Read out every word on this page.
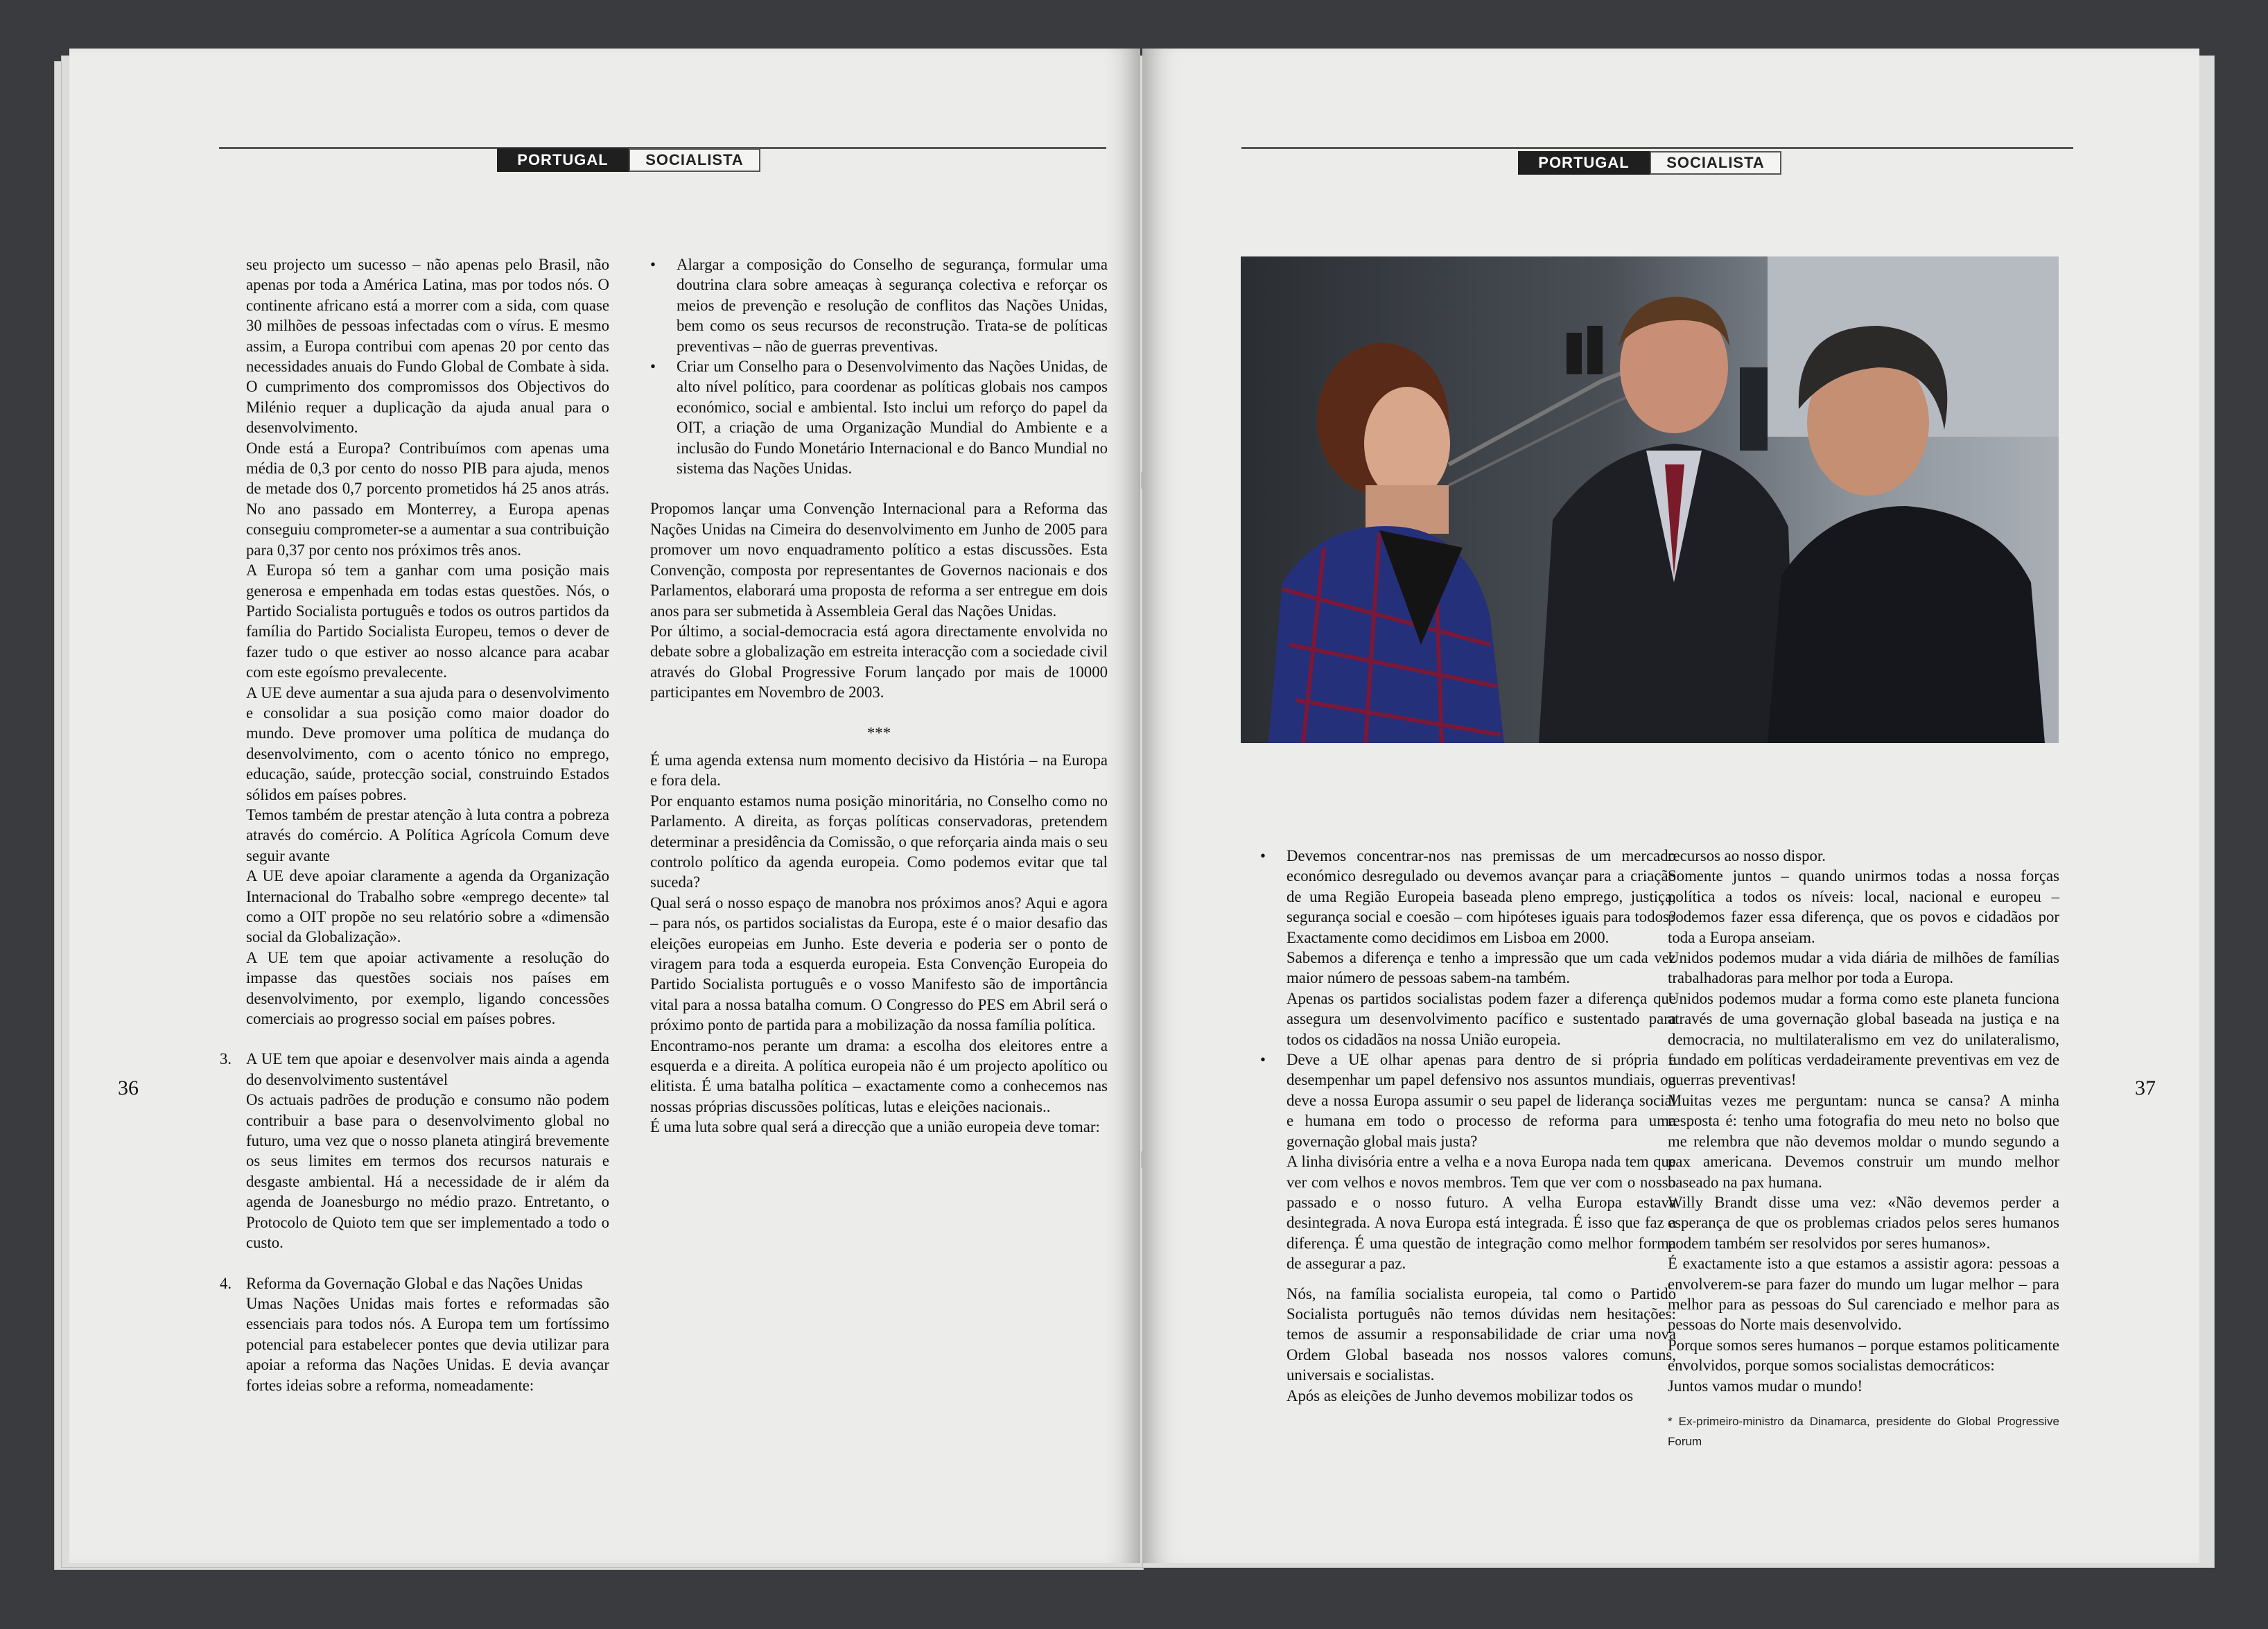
PORTUGAL	SOCIALISTA

seu projecto um sucesso – não apenas pelo Brasil, não apenas por toda a América Latina, mas por todos nós. O continente africano está a morrer com a sida, com quase 30 milhões de pessoas infectadas com o vírus. E mesmo assim, a Europa contribui com apenas 20 por cento das necessidades anuais do Fundo Global de Combate à sida. O cumprimento dos compromissos dos Objectivos do Milénio requer a duplicação da ajuda anual para o desenvolvimento.

Onde está a Europa? Contribuímos com apenas uma média de 0,3 por cento do nosso PIB para ajuda, menos de metade dos 0,7 porcento prometidos há 25 anos atrás. No ano passado em Monterrey, a Europa apenas conseguiu comprometer-se a aumentar a sua contribuição para 0,37 por cento nos próximos três anos.

A Europa só tem a ganhar com uma posição mais generosa e empenhada em todas estas questões. Nós, o Partido Socialista português e todos os outros partidos da família do Partido Socialista Europeu, temos o dever de fazer tudo o que estiver ao nosso alcance para acabar com este egoísmo prevalecente.

A UE deve aumentar a sua ajuda para o desenvolvimento e consolidar a sua posição como maior doador do mundo. Deve promover uma política de mudança do desenvolvimento, com o acento tónico no emprego, educação, saúde, protecção social, construindo Estados sólidos em países pobres.

Temos também de prestar atenção à luta contra a pobreza através do comércio. A Política Agrícola Comum deve seguir avante

A UE deve apoiar claramente a agenda da Organização Internacional do Trabalho sobre «emprego decente» tal como a OIT propõe no seu relatório sobre a «dimensão social da Globalização».

A UE tem que apoiar activamente a resolução do impasse das questões sociais nos países em desenvolvimento, por exemplo, ligando concessões comerciais ao progresso social em países pobres.

3. A UE tem que apoiar e desenvolver mais ainda a agenda do desenvolvimento sustentável

Os actuais padrões de produção e consumo não podem contribuir a base para o desenvolvimento global no futuro, uma vez que o nosso planeta atingirá brevemente os seus limites em termos dos recursos naturais e desgaste ambiental. Há a necessidade de ir além da agenda de Joanesburgo no médio prazo. Entretanto, o Protocolo de Quioto tem que ser implementado a todo o custo.

4. Reforma da Governação Global e das Nações Unidas

Umas Nações Unidas mais fortes e reformadas são essenciais para todos nós. A Europa tem um fortíssimo potencial para estabelecer pontes que devia utilizar para apoiar a reforma das Nações Unidas. E devia avançar fortes ideias sobre a reforma, nomeadamente:

• Alargar a composição do Conselho de segurança, formular uma doutrina clara sobre ameaças à segurança colectiva e reforçar os meios de prevenção e resolução de conflitos das Nações Unidas, bem como os seus recursos de reconstrução. Trata-se de políticas preventivas – não de guerras preventivas.

• Criar um Conselho para o Desenvolvimento das Nações Unidas, de alto nível político, para coordenar as políticas globais nos campos económico, social e ambiental. Isto inclui um reforço do papel da OIT, a criação de uma Organização Mundial do Ambiente e a inclusão do Fundo Monetário Internacional e do Banco Mundial no sistema das Nações Unidas.

Propomos lançar uma Convenção Internacional para a Reforma das Nações Unidas na Cimeira do desenvolvimento em Junho de 2005 para promover um novo enquadramento político a estas discussões. Esta Convenção, composta por representantes de Governos nacionais e dos Parlamentos, elaborará uma proposta de reforma a ser entregue em dois anos para ser submetida à Assembleia Geral das Nações Unidas.

Por último, a social-democracia está agora directamente envolvida no debate sobre a globalização em estreita interacção com a sociedade civil através do Global Progressive Forum lançado por mais de 10000 participantes em Novembro de 2003.

***

É uma agenda extensa num momento decisivo da História – na Europa e fora dela.

Por enquanto estamos numa posição minoritária, no Conselho como no Parlamento. A direita, as forças políticas conservadoras, pretendem determinar a presidência da Comissão, o que reforçaria ainda mais o seu controlo político da agenda europeia. Como podemos evitar que tal suceda?

Qual será o nosso espaço de manobra nos próximos anos? Aqui e agora – para nós, os partidos socialistas da Europa, este é o maior desafio das eleições europeias em Junho. Este deveria e poderia ser o ponto de viragem para toda a esquerda europeia. Esta Convenção Europeia do Partido Socialista português e o vosso Manifesto são de importância vital para a nossa batalha comum. O Congresso do PES em Abril será o próximo ponto de partida para a mobilização da nossa família política.

Encontramo-nos perante um drama: a escolha dos eleitores entre a esquerda e a direita. A política europeia não é um projecto apolítico ou elitista. É uma batalha política – exactamente como a conhecemos nas nossas próprias discussões políticas, lutas e eleições nacionais..

É uma luta sobre qual será a direcção que a união europeia deve tomar:

36
PORTUGAL	SOCIALISTA
• Devemos concentrar-nos nas premissas de um mercado económico desregulado ou devemos avançar para a criação de uma Região Europeia baseada pleno emprego, justiça, segurança social e coesão – com hipóteses iguais para todos? Exactamente como decidimos em Lisboa em 2000.

Sabemos a diferença e tenho a impressão que um cada vez maior número de pessoas sabem-na também.

Apenas os partidos socialistas podem fazer a diferença que assegura um desenvolvimento pacífico e sustentado para todos os cidadãos na nossa União europeia.

• Deve a UE olhar apenas para dentro de si própria e desempenhar um papel defensivo nos assuntos mundiais, ou deve a nossa Europa assumir o seu papel de liderança social e humana em todo o processo de reforma para uma governação global mais justa?

A linha divisória entre a velha e a nova Europa nada tem que ver com velhos e novos membros. Tem que ver com o nosso passado e o nosso futuro. A velha Europa estava desintegrada. A nova Europa está integrada. É isso que faz a diferença. É uma questão de integração como melhor forma de assegurar a paz.

Nós, na família socialista europeia, tal como o Partido Socialista português não temos dúvidas nem hesitações: temos de assumir a responsabilidade de criar uma nova Ordem Global baseada nos nossos valores comuns, universais e socialistas.

Após as eleições de Junho devemos mobilizar todos os

recursos ao nosso dispor.

Somente juntos – quando unirmos todas a nossa forças política a todos os níveis: local, nacional e europeu – podemos fazer essa diferença, que os povos e cidadãos por toda a Europa anseiam.

Unidos podemos mudar a vida diária de milhões de famílias trabalhadoras para melhor por toda a Europa.

Unidos podemos mudar a forma como este planeta funciona através de uma governação global baseada na justiça e na democracia, no multilateralismo em vez do unilateralismo, fundado em políticas verdadeiramente preventivas em vez de guerras preventivas!

Muitas vezes me perguntam: nunca se cansa? A minha resposta é: tenho uma fotografia do meu neto no bolso que me relembra que não devemos moldar o mundo segundo a pax americana. Devemos construir um mundo melhor baseado na pax humana.

Willy Brandt disse uma vez: «Não devemos perder a esperança de que os problemas criados pelos seres humanos podem também ser resolvidos por seres humanos».

É exactamente isto a que estamos a assistir agora: pessoas a envolverem-se para fazer do mundo um lugar melhor – para melhor para as pessoas do Sul carenciado e melhor para as pessoas do Norte mais desenvolvido.

Porque somos seres humanos – porque estamos politicamente envolvidos, porque somos socialistas democráticos:

Juntos vamos mudar o mundo!

* Ex-primeiro-ministro da Dinamarca, presidente do Global Progressive Forum

37
